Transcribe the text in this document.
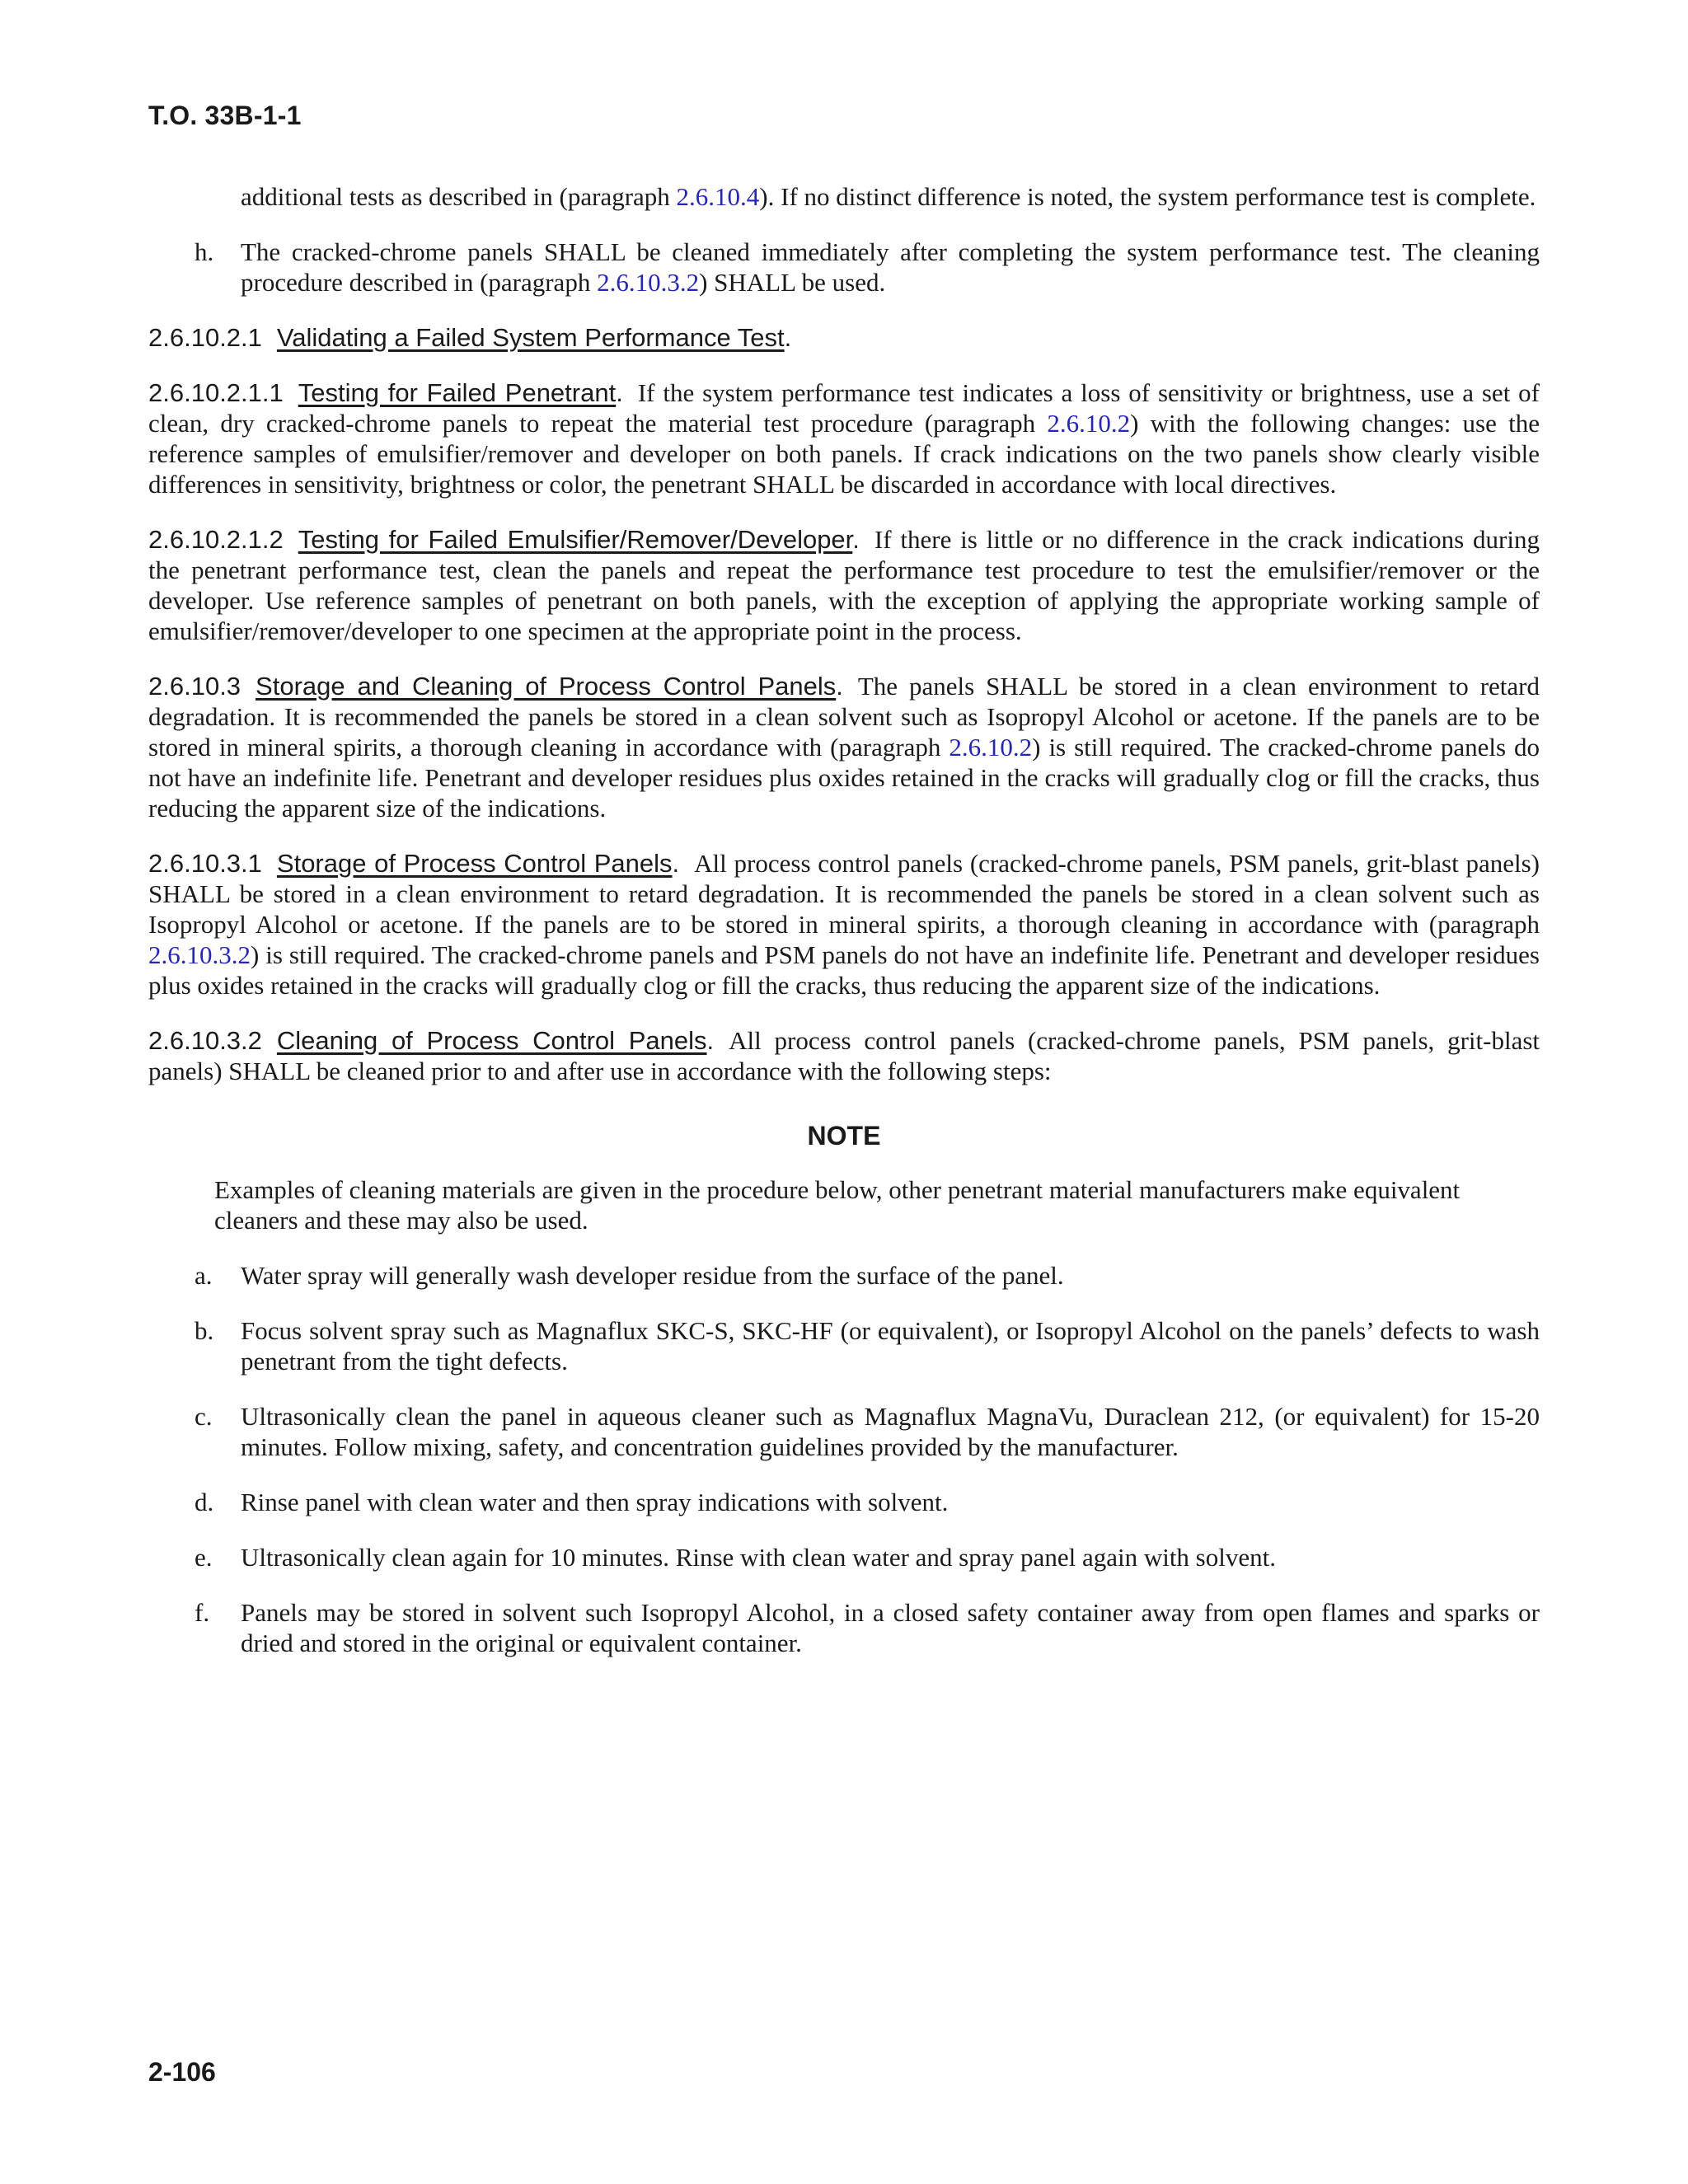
T.O. 33B-1-1
additional tests as described in (paragraph 2.6.10.4). If no distinct difference is noted, the system performance test is complete.
h. The cracked-chrome panels SHALL be cleaned immediately after completing the system performance test. The cleaning procedure described in (paragraph 2.6.10.3.2) SHALL be used.
2.6.10.2.1 Validating a Failed System Performance Test.
2.6.10.2.1.1 Testing for Failed Penetrant. If the system performance test indicates a loss of sensitivity or brightness, use a set of clean, dry cracked-chrome panels to repeat the material test procedure (paragraph 2.6.10.2) with the following changes: use the reference samples of emulsifier/remover and developer on both panels. If crack indications on the two panels show clearly visible differences in sensitivity, brightness or color, the penetrant SHALL be discarded in accordance with local directives.
2.6.10.2.1.2 Testing for Failed Emulsifier/Remover/Developer. If there is little or no difference in the crack indications during the penetrant performance test, clean the panels and repeat the performance test procedure to test the emulsifier/remover or the developer. Use reference samples of penetrant on both panels, with the exception of applying the appropriate working sample of emulsifier/remover/developer to one specimen at the appropriate point in the process.
2.6.10.3 Storage and Cleaning of Process Control Panels. The panels SHALL be stored in a clean environment to retard degradation. It is recommended the panels be stored in a clean solvent such as Isopropyl Alcohol or acetone. If the panels are to be stored in mineral spirits, a thorough cleaning in accordance with (paragraph 2.6.10.2) is still required. The cracked-chrome panels do not have an indefinite life. Penetrant and developer residues plus oxides retained in the cracks will gradually clog or fill the cracks, thus reducing the apparent size of the indications.
2.6.10.3.1 Storage of Process Control Panels. All process control panels (cracked-chrome panels, PSM panels, grit-blast panels) SHALL be stored in a clean environment to retard degradation. It is recommended the panels be stored in a clean solvent such as Isopropyl Alcohol or acetone. If the panels are to be stored in mineral spirits, a thorough cleaning in accordance with (paragraph 2.6.10.3.2) is still required. The cracked-chrome panels and PSM panels do not have an indefinite life. Penetrant and developer residues plus oxides retained in the cracks will gradually clog or fill the cracks, thus reducing the apparent size of the indications.
2.6.10.3.2 Cleaning of Process Control Panels. All process control panels (cracked-chrome panels, PSM panels, grit-blast panels) SHALL be cleaned prior to and after use in accordance with the following steps:
NOTE
Examples of cleaning materials are given in the procedure below, other penetrant material manufacturers make equivalent cleaners and these may also be used.
a. Water spray will generally wash developer residue from the surface of the panel.
b. Focus solvent spray such as Magnaflux SKC-S, SKC-HF (or equivalent), or Isopropyl Alcohol on the panels’ defects to wash penetrant from the tight defects.
c. Ultrasonically clean the panel in aqueous cleaner such as Magnaflux MagnaVu, Duraclean 212, (or equivalent) for 15-20 minutes. Follow mixing, safety, and concentration guidelines provided by the manufacturer.
d. Rinse panel with clean water and then spray indications with solvent.
e. Ultrasonically clean again for 10 minutes. Rinse with clean water and spray panel again with solvent.
f. Panels may be stored in solvent such Isopropyl Alcohol, in a closed safety container away from open flames and sparks or dried and stored in the original or equivalent container.
2-106
